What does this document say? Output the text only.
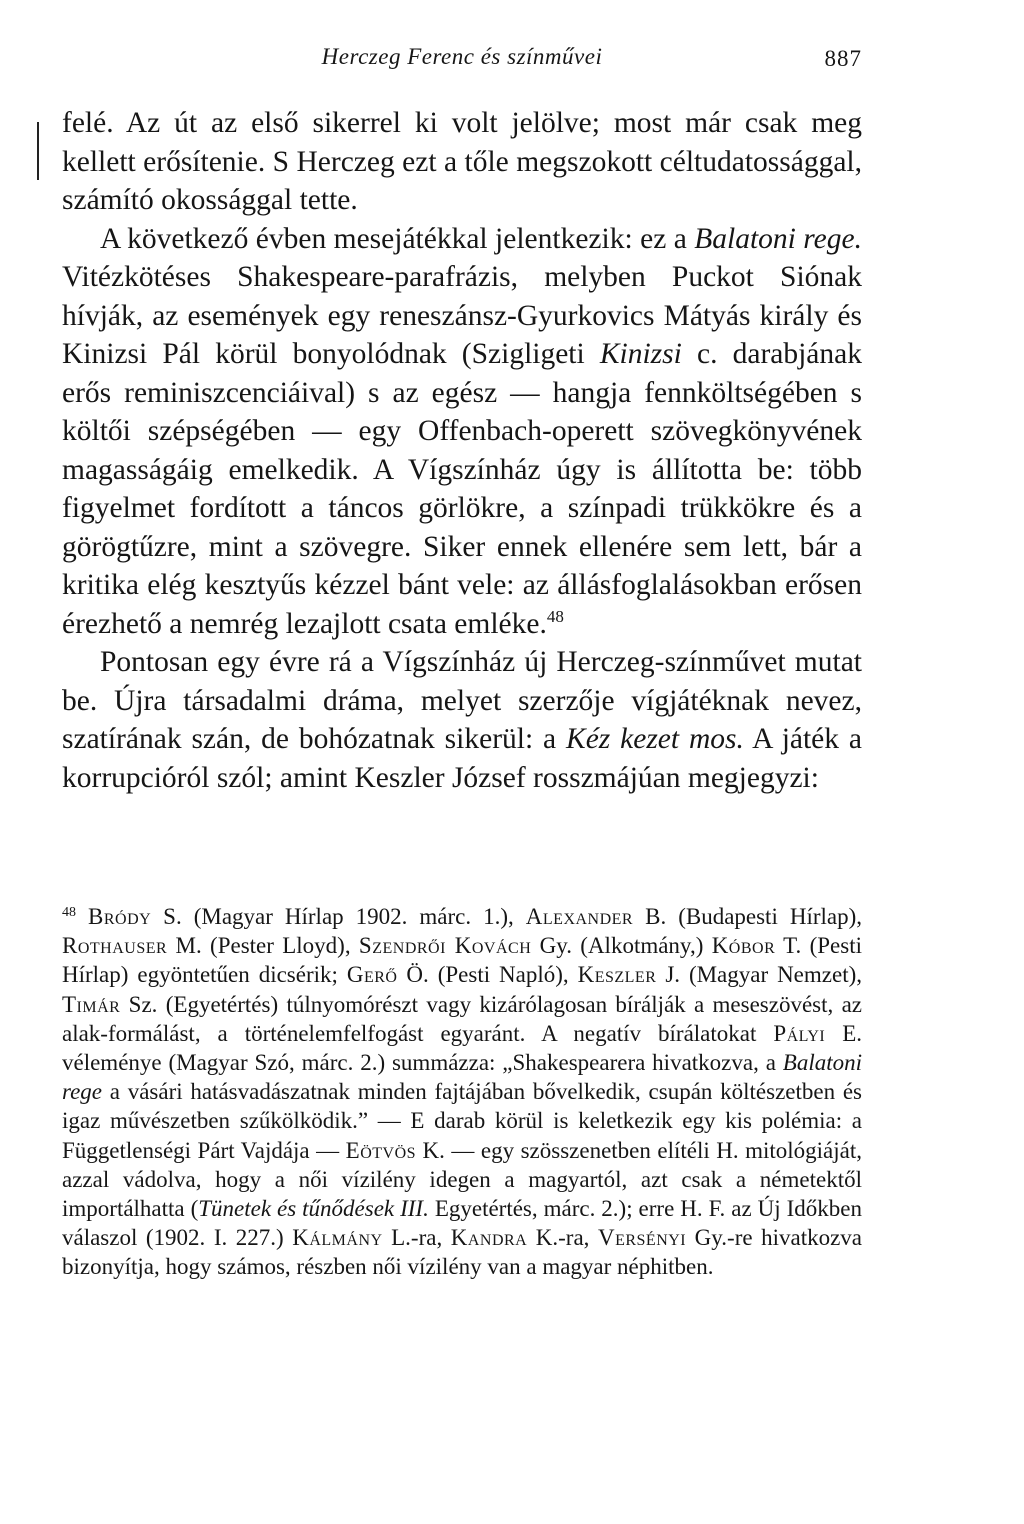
Herczeg Ferenc és színművei	887

felé. Az út az első sikerrel ki volt jelölve; most már csak meg kellett erősítenie. S Herczeg ezt a tőle megszokott céltudatossággal, számító okossággal tette.

A következő évben mesejátékkal jelentkezik: ez a Balatoni rege. Vitézkötéses Shakespeare-parafrázis, melyben Puckot Siónak hívják, az események egy reneszánsz-Gyurkovics Mátyás király és Kinizsi Pál körül bonyolódnak (Szigligeti Kinizsi c. darabjának erős reminiszcenciáival) s az egész — hangja fennköltségében s költői szépségében — egy Offenbach-operett szövegkönyvének magasságáig emelkedik. A Vígszínház úgy is állította be: több figyelmet fordított a táncos görlökre, a színpadi trükkökre és a görögtűzre, mint a szövegre. Siker ennek ellenére sem lett, bár a kritika elég kesztyűs kézzel bánt vele: az állásfoglalásokban erősen érezhető a nemrég lezajlott csata emléke.$^{48}$

Pontosan egy évre rá a Vígszínház új Herczeg-színművet mutat be. Újra társadalmi dráma, melyet szerzője vígjátéknak nevez, szatírának szán, de bohózatnak sikerül: a Kéz kezet mos. A játék a korrupcióról szól; amint Keszler József rosszmájúan megjegyzi:

$^{48}$ Bródy S. (Magyar Hírlap 1902. márc. 1.), Alexander B. (Budapesti Hírlap), Rothauser M. (Pester Lloyd), Szendrői Kovách Gy. (Alkotmány,) Kóbor T. (Pesti Hírlap) egyöntetűen dicsérik; Gerő Ö. (Pesti Napló), Keszler J. (Magyar Nemzet), Timár Sz. (Egyetértés) túlnyomórészt vagy kizárólagosan bírálják a meseszövést, az alak-formálást, a történelemfelfogást egyaránt. A negatív bírálatokat Pályi E. véleménye (Magyar Szó, márc. 2.) summázza: „Shakespearera hivatkozva, a Balatoni rege a vásári hatásvadászatnak minden fajtájában bővelkedik, csupán költészetben és igaz művészetben szűkölködik.” — E darab körül is keletkezik egy kis polémia: a Függetlenségi Párt Vajdája — Eötvös K. — egy szösszenetben elítéli H. mitológiáját, azzal vádolva, hogy a női vízilény idegen a magyartól, azt csak a németektől importálhatta (Tünetek és tűnődések III. Egyetértés, márc. 2.); erre H. F. az Új Időkben válaszol (1902. I. 227.) Kálmány L.-ra, Kandra K.-ra, Versényi Gy.-re hivatkozva bizonyítja, hogy számos, részben női vízilény van a magyar néphitben.
